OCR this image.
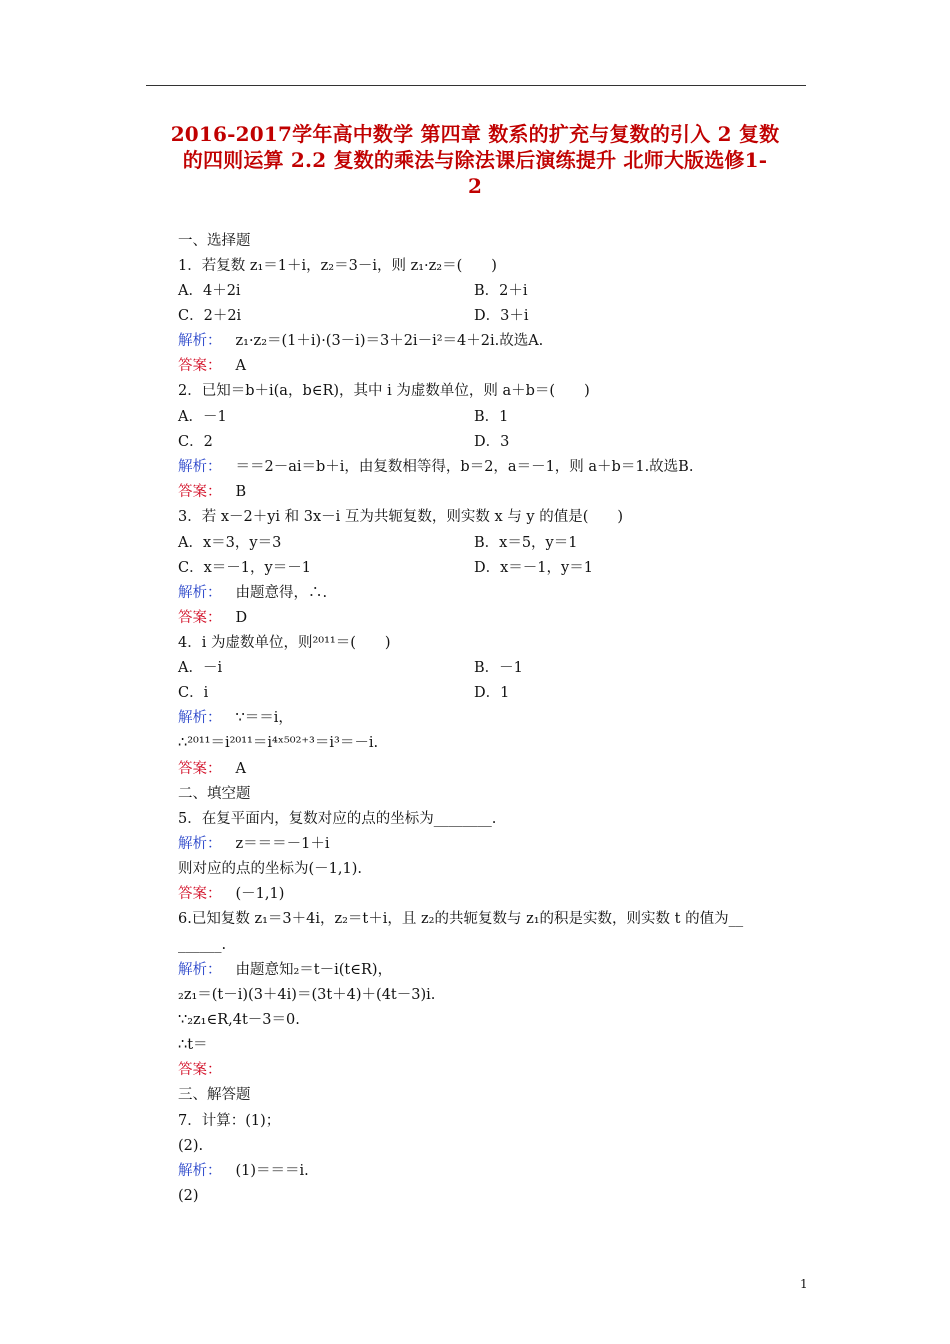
2016-2017学年高中数学 第四章 数系的扩充与复数的引入 2 复数
的四则运算 2.2 复数的乘法与除法课后演练提升 北师大版选修1-
2
一、选择题
1．若复数 z₁＝1＋i，z₂＝3－i，则 z₁·z₂＝(　　)
A．4＋2i	B．2＋i
C．2＋2i	D．3＋i
解析： z₁·z₂＝(1＋i)·(3－i)＝3＋2i－i²＝4＋2i.故选A.
答案： A
2．已知＝b＋i(a，b∈R)，其中 i 为虚数单位，则 a＋b＝(　　)
A．－1	B．1
C．2	D．3
解析： ＝＝2－ai＝b＋i，由复数相等得，b＝2，a＝－1，则 a＋b＝1.故选B.
答案： B
3．若 x－2＋yi 和 3x－i 互为共轭复数，则实数 x 与 y 的值是(　　)
A．x＝3，y＝3	B．x＝5，y＝1
C．x＝－1，y＝－1	D．x＝－1，y＝1
解析： 由题意得，∴.
答案： D
4．i 为虚数单位，则²⁰¹¹＝(　　)
A．－i	B．－1
C．i	D．1
解析： ∵＝＝i，
∴²⁰¹¹＝i²⁰¹¹＝i⁴ˣ⁵⁰²⁺³＝i³＝－i.
答案： A
二、填空题
5．在复平面内，复数对应的点的坐标为________.
解析： z＝＝＝－1＋i
则对应的点的坐标为(－1,1).
答案： (－1,1)
6.已知复数 z₁＝3＋4i，z₂＝t＋i，且 z₂的共轭复数与 z₁的积是实数，则实数 t 的值为__
______.
解析： 由题意知₂＝t－i(t∈R)，
₂z₁＝(t－i)(3＋4i)＝(3t＋4)＋(4t－3)i.
∵₂z₁∈R,4t－3＝0.
∴t＝
答案：
三、解答题
7．计算：(1)；
(2).
解析： (1)＝＝＝i.
(2)
1
